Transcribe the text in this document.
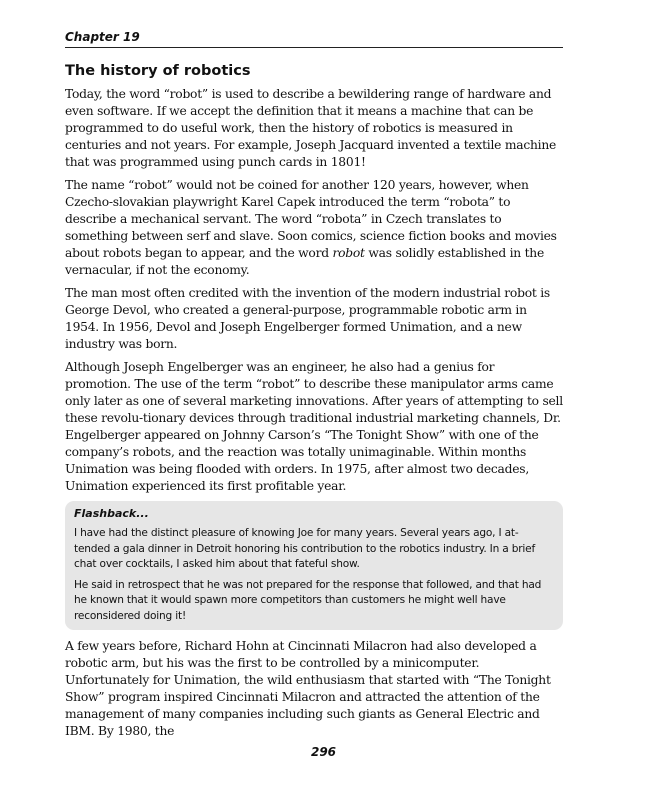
Chapter 19
The history of robotics

Today, the word “robot” is used to describe a bewildering range of hardware and even software. If we accept the definition that it means a machine that can be programmed to do useful work, then the history of robotics is measured in centuries and not years. For example, Joseph Jacquard invented a textile machine that was programmed using punch cards in 1801!

The name “robot” would not be coined for another 120 years, however, when Czecho-slovakian playwright Karel Capek introduced the term “robota” to describe a mechanical servant. The word “robota” in Czech translates to something between serf and slave. Soon comics, science fiction books and movies about robots began to appear, and the word robot was solidly established in the vernacular, if not the economy.

The man most often credited with the invention of the modern industrial robot is George Devol, who created a general-purpose, programmable robotic arm in 1954. In 1956, Devol and Joseph Engelberger formed Unimation, and a new industry was born.

Although Joseph Engelberger was an engineer, he also had a genius for promotion. The use of the term “robot” to describe these manipulator arms came only later as one of several marketing innovations. After years of attempting to sell these revolu-tionary devices through traditional industrial marketing channels, Dr. Engelberger appeared on Johnny Carson’s “The Tonight Show” with one of the company’s robots, and the reaction was totally unimaginable. Within months Unimation was being flooded with orders. In 1975, after almost two decades, Unimation experienced its first profitable year.

Flashback...

I have had the distinct pleasure of knowing Joe for many years. Several years ago, I at-tended a gala dinner in Detroit honoring his contribution to the robotics industry. In a brief chat over cocktails, I asked him about that fateful show.

He said in retrospect that he was not prepared for the response that followed, and that had he known that it would spawn more competitors than customers he might well have reconsidered doing it!

A few years before, Richard Hohn at Cincinnati Milacron had also developed a robotic arm, but his was the first to be controlled by a minicomputer. Unfortunately for Unimation, the wild enthusiasm that started with “The Tonight Show” program inspired Cincinnati Milacron and attracted the attention of the management of many companies including such giants as General Electric and IBM. By 1980, the

296
